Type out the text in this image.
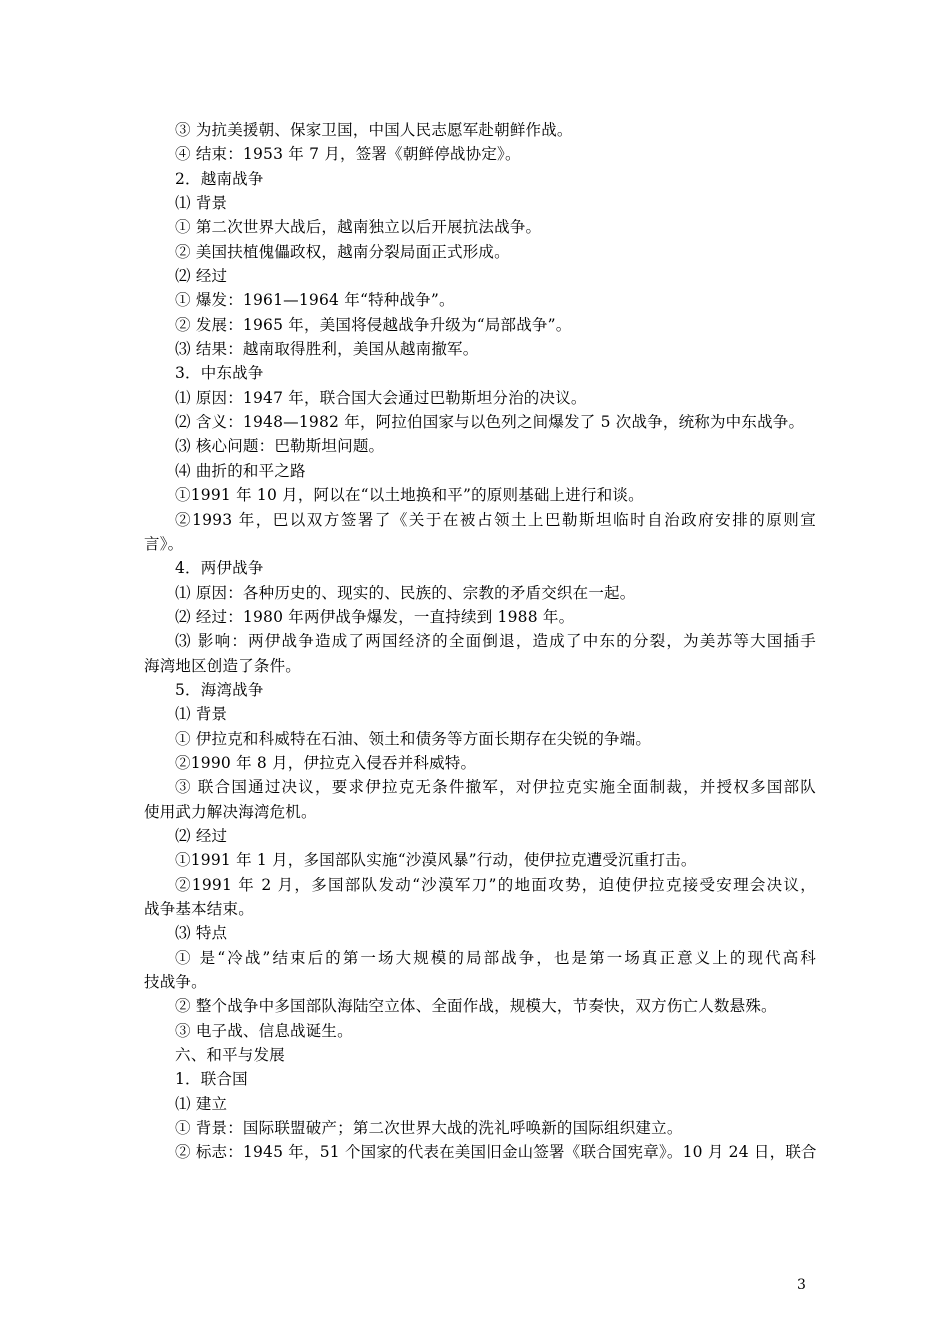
③ 为抗美援朝、保家卫国，中国人民志愿军赴朝鲜作战。
④ 结束：1953 年 7 月，签署《朝鲜停战协定》。
2．越南战争
⑴ 背景
① 第二次世界大战后，越南独立以后开展抗法战争。
② 美国扶植傀儡政权，越南分裂局面正式形成。
⑵ 经过
① 爆发：1961—1964 年“特种战争”。
② 发展：1965 年，美国将侵越战争升级为“局部战争”。
⑶ 结果：越南取得胜利，美国从越南撤军。
3．中东战争
⑴ 原因：1947 年，联合国大会通过巴勒斯坦分治的决议。
⑵ 含义：1948—1982 年，阿拉伯国家与以色列之间爆发了 5 次战争，统称为中东战争。
⑶ 核心问题：巴勒斯坦问题。
⑷ 曲折的和平之路
①1991 年 10 月，阿以在“以土地换和平”的原则基础上进行和谈。
②1993 年，巴以双方签署了《关于在被占领土上巴勒斯坦临时自治政府安排的原则宣
言》。
4．两伊战争
⑴ 原因：各种历史的、现实的、民族的、宗教的矛盾交织在一起。
⑵ 经过：1980 年两伊战争爆发，一直持续到 1988 年。
⑶ 影响：两伊战争造成了两国经济的全面倒退，造成了中东的分裂，为美苏等大国插手
海湾地区创造了条件。
5．海湾战争
⑴ 背景
① 伊拉克和科威特在石油、领土和债务等方面长期存在尖锐的争端。
②1990 年 8 月，伊拉克入侵吞并科威特。
③ 联合国通过决议，要求伊拉克无条件撤军，对伊拉克实施全面制裁，并授权多国部队
使用武力解决海湾危机。
⑵ 经过
①1991 年 1 月，多国部队实施“沙漠风暴”行动，使伊拉克遭受沉重打击。
②1991 年 2 月，多国部队发动“沙漠军刀”的地面攻势，迫使伊拉克接受安理会决议，
战争基本结束。
⑶ 特点
① 是“冷战”结束后的第一场大规模的局部战争，也是第一场真正意义上的现代高科
技战争。
② 整个战争中多国部队海陆空立体、全面作战，规模大，节奏快，双方伤亡人数悬殊。
③ 电子战、信息战诞生。
六、和平与发展
1．联合国
⑴ 建立
① 背景：国际联盟破产；第二次世界大战的洗礼呼唤新的国际组织建立。
② 标志：1945 年，51 个国家的代表在美国旧金山签署《联合国宪章》。10 月 24 日，联合
3
